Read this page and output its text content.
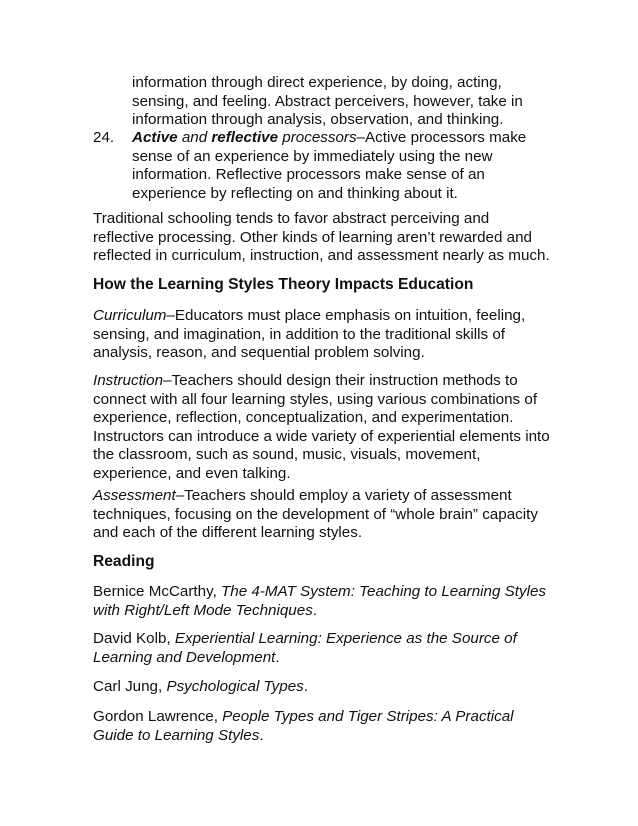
information through direct experience, by doing, acting, sensing, and feeling. Abstract perceivers, however, take in information through analysis, observation, and thinking.

24. Active and reflective processors–Active processors make sense of an experience by immediately using the new information. Reflective processors make sense of an experience by reflecting on and thinking about it.

Traditional schooling tends to favor abstract perceiving and reflective processing. Other kinds of learning aren’t rewarded and reflected in curriculum, instruction, and assessment nearly as much.

How the Learning Styles Theory Impacts Education

Curriculum–Educators must place emphasis on intuition, feeling, sensing, and imagination, in addition to the traditional skills of analysis, reason, and sequential problem solving.

Instruction–Teachers should design their instruction methods to connect with all four learning styles, using various combinations of experience, reflection, conceptualization, and experimentation. Instructors can introduce a wide variety of experiential elements into the classroom, such as sound, music, visuals, movement, experience, and even talking.

Assessment–Teachers should employ a variety of assessment techniques, focusing on the development of “whole brain” capacity and each of the different learning styles.

Reading

Bernice McCarthy, The 4-MAT System: Teaching to Learning Styles with Right/Left Mode Techniques.

David Kolb, Experiential Learning: Experience as the Source of Learning and Development.

Carl Jung, Psychological Types.

Gordon Lawrence, People Types and Tiger Stripes: A Practical Guide to Learning Styles.
